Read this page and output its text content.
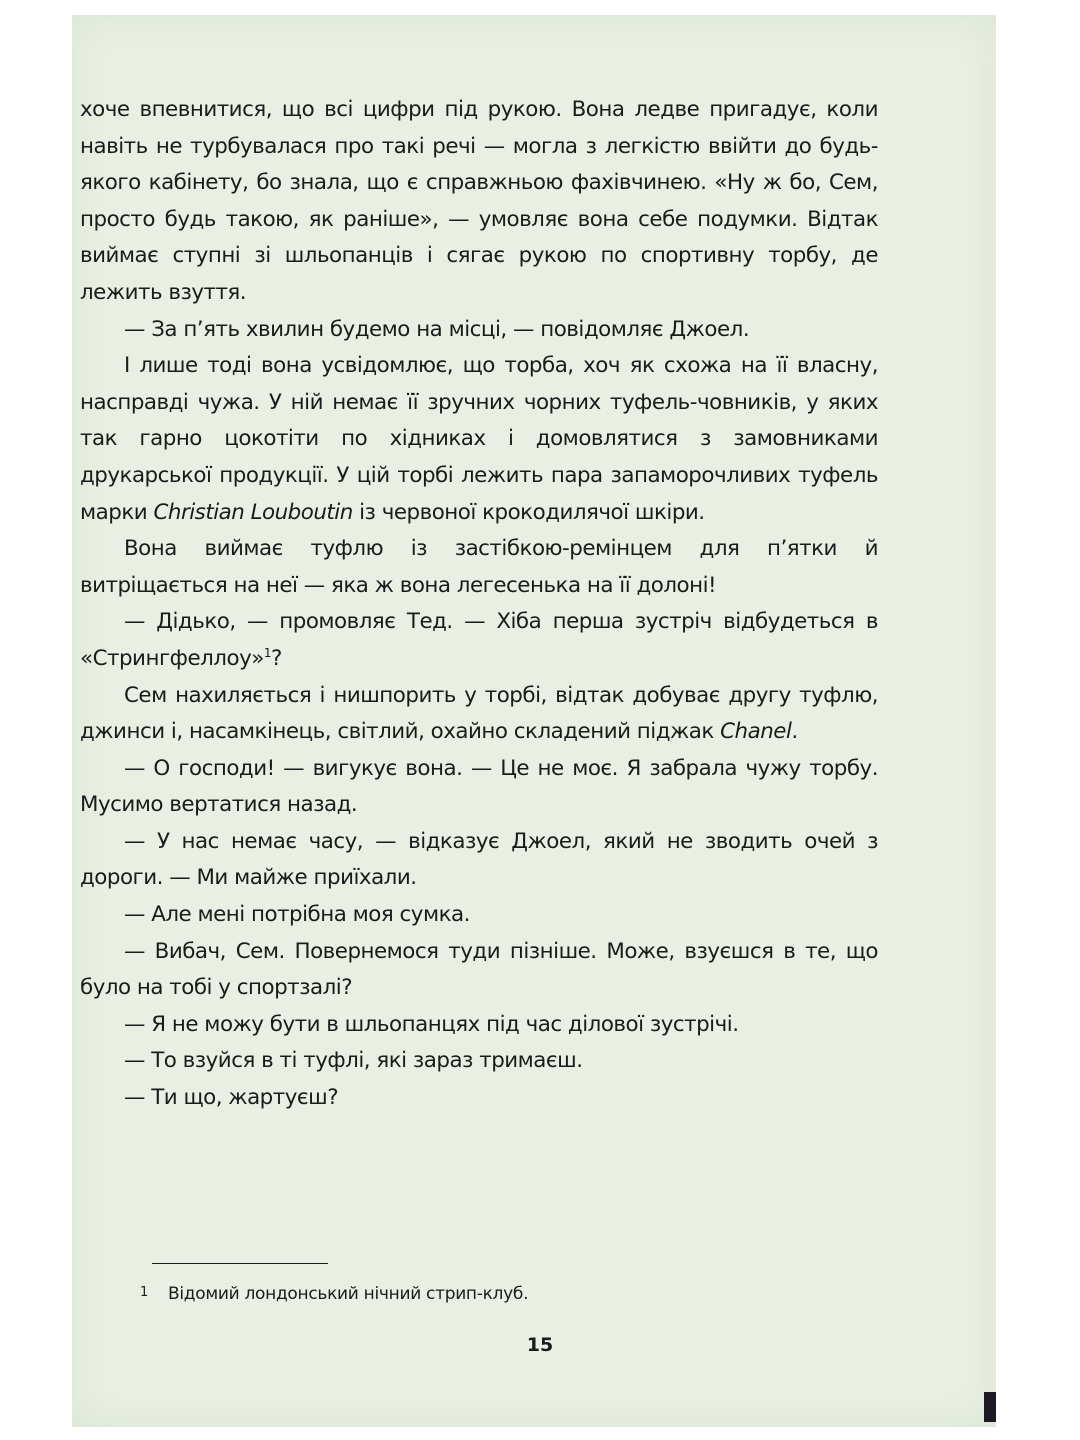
хоче впевнитися, що всі цифри під рукою. Вона ледве пригадує, коли навіть не турбувалася про такі речі — могла з легкістю ввійти до будь-якого кабінету, бо знала, що є справжньою фахівчинею. «Ну ж бо, Сем, просто будь такою, як раніше», — умовляє вона себе подумки. Відтак виймає ступні зі шльопанців і сягає рукою по спортивну торбу, де лежить взуття.

— За п’ять хвилин будемо на місці, — повідомляє Джоел.

І лише тоді вона усвідомлює, що торба, хоч як схожа на її власну, насправді чужа. У ній немає її зручних чорних туфель-човників, у яких так гарно цокотіти по хідниках і домовлятися з замовниками друкарської продукції. У цій торбі лежить пара запаморочливих туфель марки Christian Louboutin із червоної крокодилячої шкіри.

Вона виймає туфлю із застібкою-ремінцем для п’ятки й витріщається на неї — яка ж вона легесенька на її долоні!

— Дідько, — промовляє Тед. — Хіба перша зустріч відбудеться в «Стрингфеллоу»$^1$?

Сем нахиляється і нишпорить у торбі, відтак добуває другу туфлю, джинси і, насамкінець, світлий, охайно складений піджак Chanel.

— О господи! — вигукує вона. — Це не моє. Я забрала чужу торбу. Мусимо вертатися назад.

— У нас немає часу, — відказує Джоел, який не зводить очей з дороги. — Ми майже приїхали.

— Але мені потрібна моя сумка.

— Вибач, Сем. Повернемося туди пізніше. Може, взуєшся в те, що було на тобі у спортзалі?

— Я не можу бути в шльопанцях під час ділової зустрічі.

— То взуйся в ті туфлі, які зараз тримаєш.

— Ти що, жартуєш?

1 Відомий лондонський нічний стрип-клуб.
15
